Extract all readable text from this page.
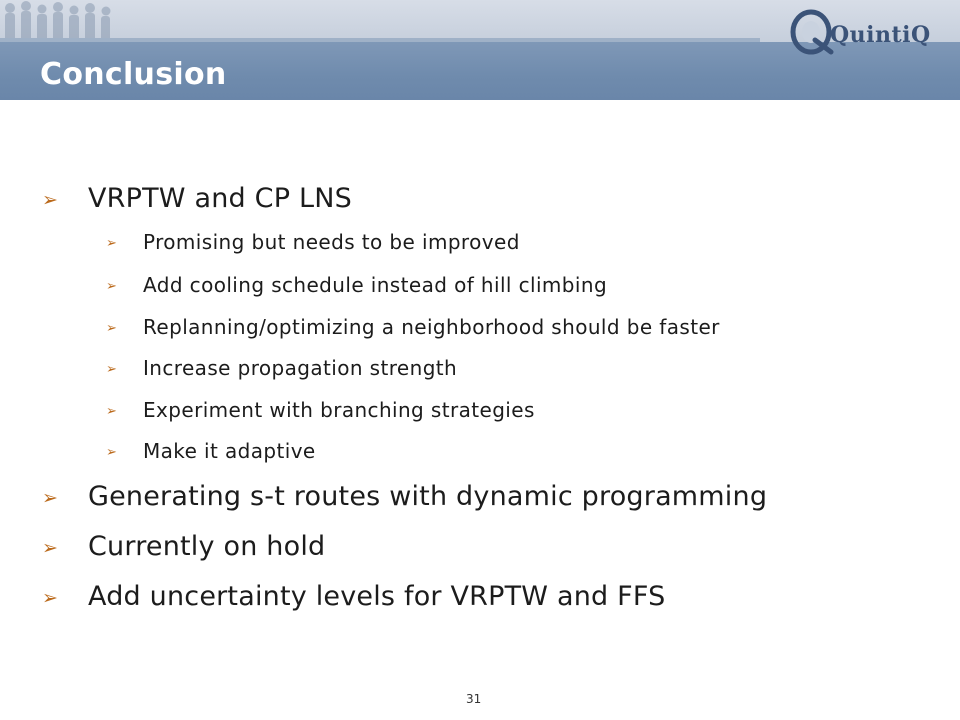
Conclusion
QuintiQ
➢ VRPTW and CP LNS
➢ Promising but needs to be improved
➢ Add cooling schedule instead of hill climbing
➢ Replanning/optimizing a neighborhood should be faster
➢ Increase propagation strength
➢ Experiment with branching strategies
➢ Make it adaptive
➢ Generating s-t routes with dynamic programming
➢ Currently on hold
➢ Add uncertainty levels for VRPTW and FFS
31
